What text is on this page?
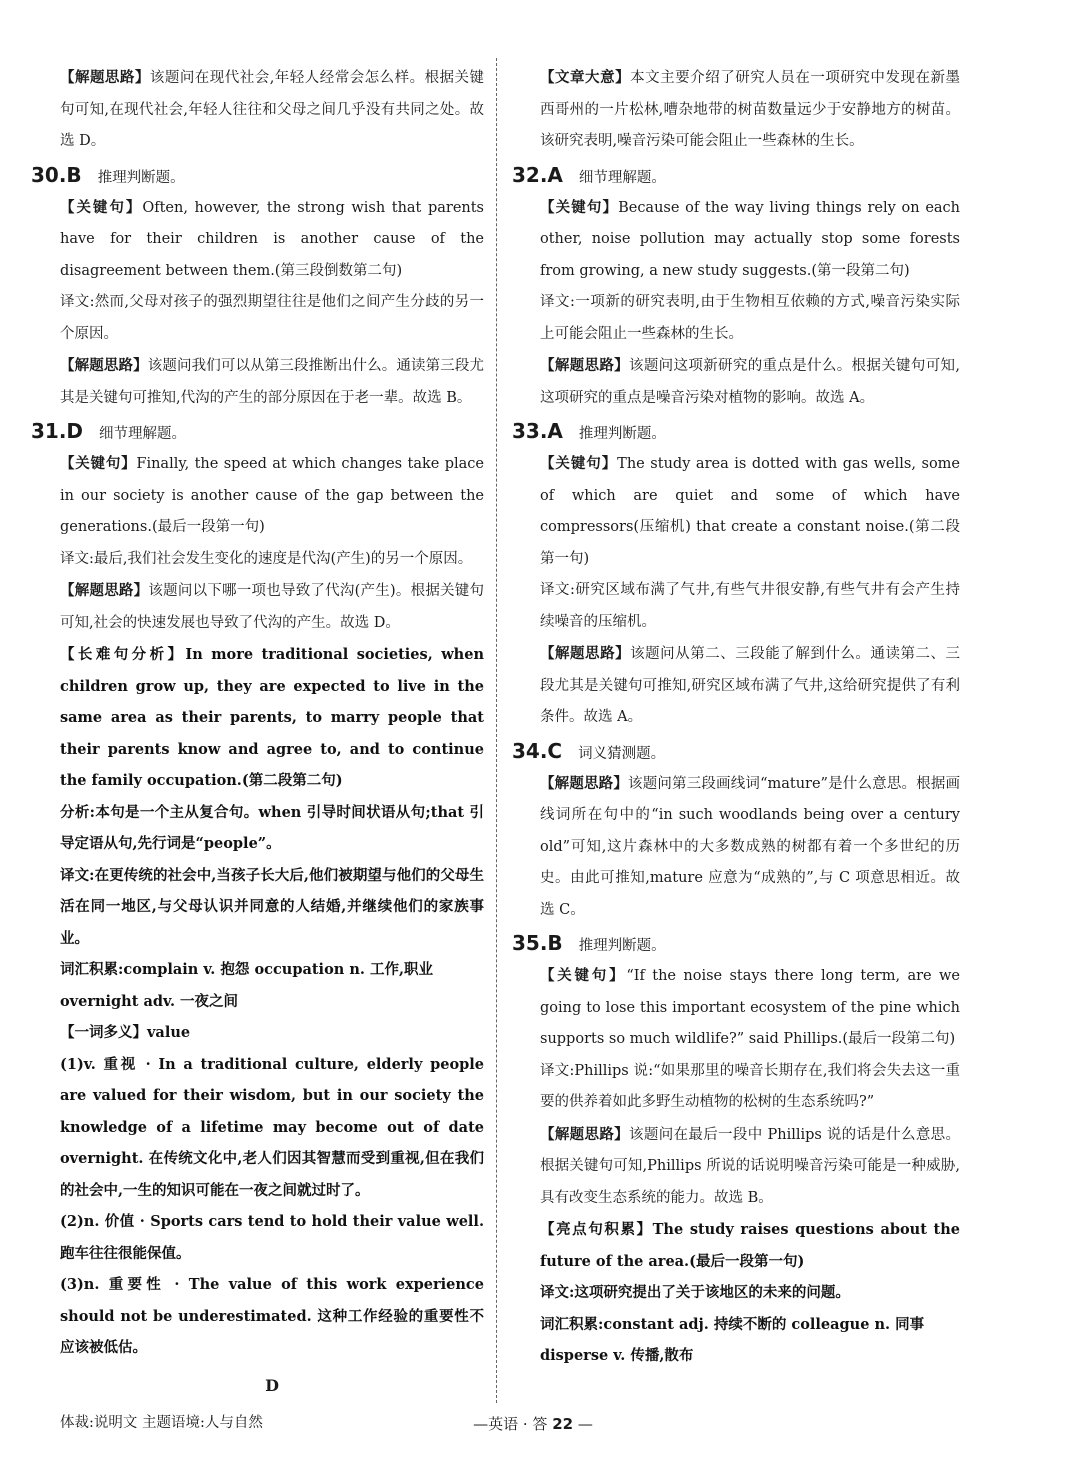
【解题思路】该题问在现代社会,年轻人经常会怎么样。根据关键句可知,在现代社会,年轻人往往和父母之间几乎没有共同之处。故选 D。

30.B 推理判断题。

【关键句】Often, however, the strong wish that parents have for their children is another cause of the disagreement between them.(第三段倒数第二句)

译文:然而,父母对孩子的强烈期望往往是他们之间产生分歧的另一个原因。

【解题思路】该题问我们可以从第三段推断出什么。通读第三段尤其是关键句可推知,代沟的产生的部分原因在于老一辈。故选 B。

31.D 细节理解题。

【关键句】Finally, the speed at which changes take place in our society is another cause of the gap between the generations.(最后一段第一句)

译文:最后,我们社会发生变化的速度是代沟(产生)的另一个原因。

【解题思路】该题问以下哪一项也导致了代沟(产生)。根据关键句可知,社会的快速发展也导致了代沟的产生。故选 D。

【长难句分析】In more traditional societies, when children grow up, they are expected to live in the same area as their parents, to marry people that their parents know and agree to, and to continue the family occupation.(第二段第二句)

分析:本句是一个主从复合句。when 引导时间状语从句;that 引导定语从句,先行词是“people”。

译文:在更传统的社会中,当孩子长大后,他们被期望与他们的父母生活在同一地区,与父母认识并同意的人结婚,并继续他们的家族事业。

词汇积累:complain v. 抱怨 occupation n. 工作,职业

overnight adv. 一夜之间

【一词多义】value

(1)v. 重视 · In a traditional culture, elderly people are valued for their wisdom, but in our society the knowledge of a lifetime may become out of date overnight. 在传统文化中,老人们因其智慧而受到重视,但在我们的社会中,一生的知识可能在一夜之间就过时了。

(2)n. 价值 · Sports cars tend to hold their value well. 跑车往往很能保值。

(3)n. 重要性 · The value of this work experience should not be underestimated. 这种工作经验的重要性不应该被低估。

D

体裁:说明文 主题语境:人与自然

【文章大意】本文主要介绍了研究人员在一项研究中发现在新墨西哥州的一片松林,嘈杂地带的树苗数量远少于安静地方的树苗。该研究表明,噪音污染可能会阻止一些森林的生长。

32.A 细节理解题。

【关键句】Because of the way living things rely on each other, noise pollution may actually stop some forests from growing, a new study suggests.(第一段第二句)

译文:一项新的研究表明,由于生物相互依赖的方式,噪音污染实际上可能会阻止一些森林的生长。

【解题思路】该题问这项新研究的重点是什么。根据关键句可知,这项研究的重点是噪音污染对植物的影响。故选 A。

33.A 推理判断题。

【关键句】The study area is dotted with gas wells, some of which are quiet and some of which have compressors(压缩机) that create a constant noise.(第二段第一句)

译文:研究区域布满了气井,有些气井很安静,有些气井有会产生持续噪音的压缩机。

【解题思路】该题问从第二、三段能了解到什么。通读第二、三段尤其是关键句可推知,研究区域布满了气井,这给研究提供了有利条件。故选 A。

34.C 词义猜测题。

【解题思路】该题问第三段画线词“mature”是什么意思。根据画线词所在句中的“in such woodlands being over a century old”可知,这片森林中的大多数成熟的树都有着一个多世纪的历史。由此可推知,mature 应意为“成熟的”,与 C 项意思相近。故选 C。

35.B 推理判断题。

【关键句】“If the noise stays there long term, are we going to lose this important ecosystem of the pine which supports so much wildlife?” said Phillips.(最后一段第二句)

译文:Phillips 说:“如果那里的噪音长期存在,我们将会失去这一重要的供养着如此多野生动植物的松树的生态系统吗?”

【解题思路】该题问在最后一段中 Phillips 说的话是什么意思。根据关键句可知,Phillips 所说的话说明噪音污染可能是一种威胁,具有改变生态系统的能力。故选 B。

【亮点句积累】The study raises questions about the future of the area.(最后一段第一句)

译文:这项研究提出了关于该地区的未来的问题。

词汇积累:constant adj. 持续不断的 colleague n. 同事

disperse v. 传播,散布

—英语 · 答 22 —
